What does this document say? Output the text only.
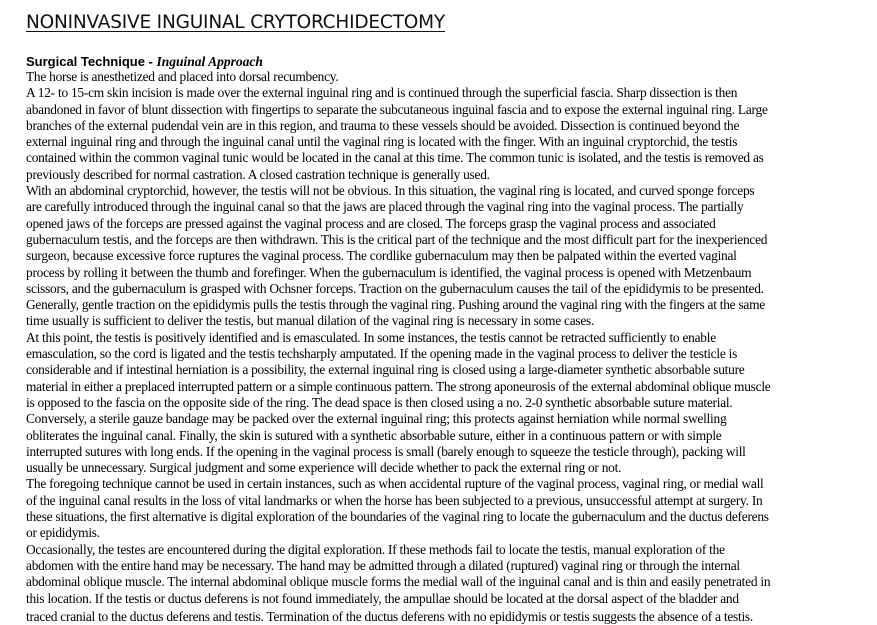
NONINVASIVE INGUINAL CRYTORCHIDECTOMY
Surgical Technique - Inguinal Approach
The horse is anesthetized and placed into dorsal recumbency.
A 12- to 15-cm skin incision is made over the external inguinal ring and is continued through the superficial fascia. Sharp dissection is then
abandoned in favor of blunt dissection with fingertips to separate the subcutaneous inguinal fascia and to expose the external inguinal ring. Large
branches of the external pudendal vein are in this region, and trauma to these vessels should be avoided. Dissection is continued beyond the
external inguinal ring and through the inguinal canal until the vaginal ring is located with the finger. With an inguinal cryptorchid, the testis
contained within the common vaginal tunic would be located in the canal at this time. The common tunic is isolated, and the testis is removed as
previously described for normal castration. A closed castration technique is generally used.
With an abdominal cryptorchid, however, the testis will not be obvious. In this situation, the vaginal ring is located, and curved sponge forceps
are carefully introduced through the inguinal canal so that the jaws are placed through the vaginal ring into the vaginal process. The partially
opened jaws of the forceps are pressed against the vaginal process and are closed. The forceps grasp the vaginal process and associated
gubernaculum testis, and the forceps are then withdrawn. This is the critical part of the technique and the most difficult part for the inexperienced
surgeon, because excessive force ruptures the vaginal process. The cordlike gubernaculum may then be palpated within the everted vaginal
process by rolling it between the thumb and forefinger. When the gubernaculum is identified, the vaginal process is opened with Metzenbaum
scissors, and the gubernaculum is grasped with Ochsner forceps. Traction on the gubernaculum causes the tail of the epididymis to be presented.
Generally, gentle traction on the epididymis pulls the testis through the vaginal ring. Pushing around the vaginal ring with the fingers at the same
time usually is sufficient to deliver the testis, but manual dilation of the vaginal ring is necessary in some cases.
At this point, the testis is positively identified and is emasculated. In some instances, the testis cannot be retracted sufficiently to enable
emasculation, so the cord is ligated and the testis techsharply amputated. If the opening made in the vaginal process to deliver the testicle is
considerable and if intestinal herniation is a possibility, the external inguinal ring is closed using a large-diameter synthetic absorbable suture
material in either a preplaced interrupted pattern or a simple continuous pattern. The strong aponeurosis of the external abdominal oblique muscle
is opposed to the fascia on the opposite side of the ring. The dead space is then closed using a no. 2-0 synthetic absorbable suture material.
Conversely, a sterile gauze bandage may be packed over the external inguinal ring; this protects against herniation while normal swelling
obliterates the inguinal canal. Finally, the skin is sutured with a synthetic absorbable suture, either in a continuous pattern or with simple
interrupted sutures with long ends. If the opening in the vaginal process is small (barely enough to squeeze the testicle through), packing will
usually be unnecessary. Surgical judgment and some experience will decide whether to pack the external ring or not.
The foregoing technique cannot be used in certain instances, such as when accidental rupture of the vaginal process, vaginal ring, or medial wall
of the inguinal canal results in the loss of vital landmarks or when the horse has been subjected to a previous, unsuccessful attempt at surgery. In
these situations, the first alternative is digital exploration of the boundaries of the vaginal ring to locate the gubernaculum and the ductus deferens
or epididymis.
Occasionally, the testes are encountered during the digital exploration. If these methods fail to locate the testis, manual exploration of the
abdomen with the entire hand may be necessary. The hand may be admitted through a dilated (ruptured) vaginal ring or through the internal
abdominal oblique muscle. The internal abdominal oblique muscle forms the medial wall of the inguinal canal and is thin and easily penetrated in
this location. If the testis or ductus deferens is not found immediately, the ampullae should be located at the dorsal aspect of the bladder and
traced cranial to the ductus deferens and testis. Termination of the ductus deferens with no epididymis or testis suggests the absence of a testis.
